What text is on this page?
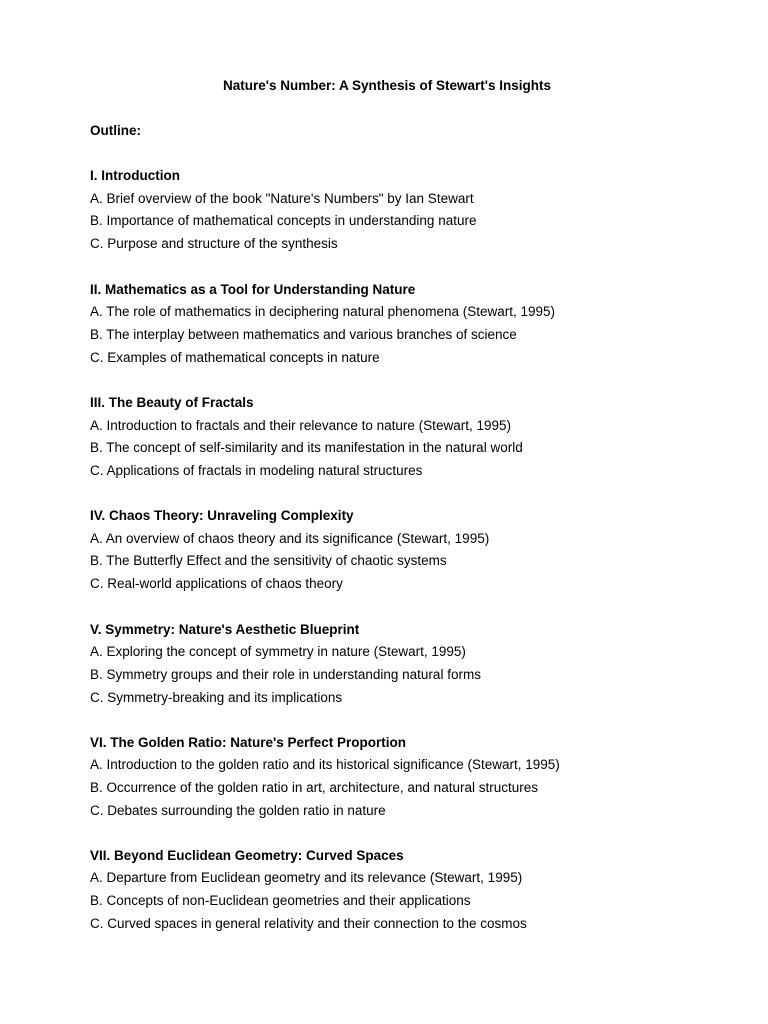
Nature's Number: A Synthesis of Stewart's Insights

Outline:

I. Introduction
A. Brief overview of the book "Nature's Numbers" by Ian Stewart
B. Importance of mathematical concepts in understanding nature
C. Purpose and structure of the synthesis
II. Mathematics as a Tool for Understanding Nature
A. The role of mathematics in deciphering natural phenomena (Stewart, 1995)
B. The interplay between mathematics and various branches of science
C. Examples of mathematical concepts in nature
III. The Beauty of Fractals
A. Introduction to fractals and their relevance to nature (Stewart, 1995)
B. The concept of self-similarity and its manifestation in the natural world
C. Applications of fractals in modeling natural structures
IV. Chaos Theory: Unraveling Complexity
A. An overview of chaos theory and its significance (Stewart, 1995)
B. The Butterfly Effect and the sensitivity of chaotic systems
C. Real-world applications of chaos theory
V. Symmetry: Nature's Aesthetic Blueprint
A. Exploring the concept of symmetry in nature (Stewart, 1995)
B. Symmetry groups and their role in understanding natural forms
C. Symmetry-breaking and its implications
VI. The Golden Ratio: Nature's Perfect Proportion
A. Introduction to the golden ratio and its historical significance (Stewart, 1995)
B. Occurrence of the golden ratio in art, architecture, and natural structures
C. Debates surrounding the golden ratio in nature
VII. Beyond Euclidean Geometry: Curved Spaces
A. Departure from Euclidean geometry and its relevance (Stewart, 1995)
B. Concepts of non-Euclidean geometries and their applications
C. Curved spaces in general relativity and their connection to the cosmos
